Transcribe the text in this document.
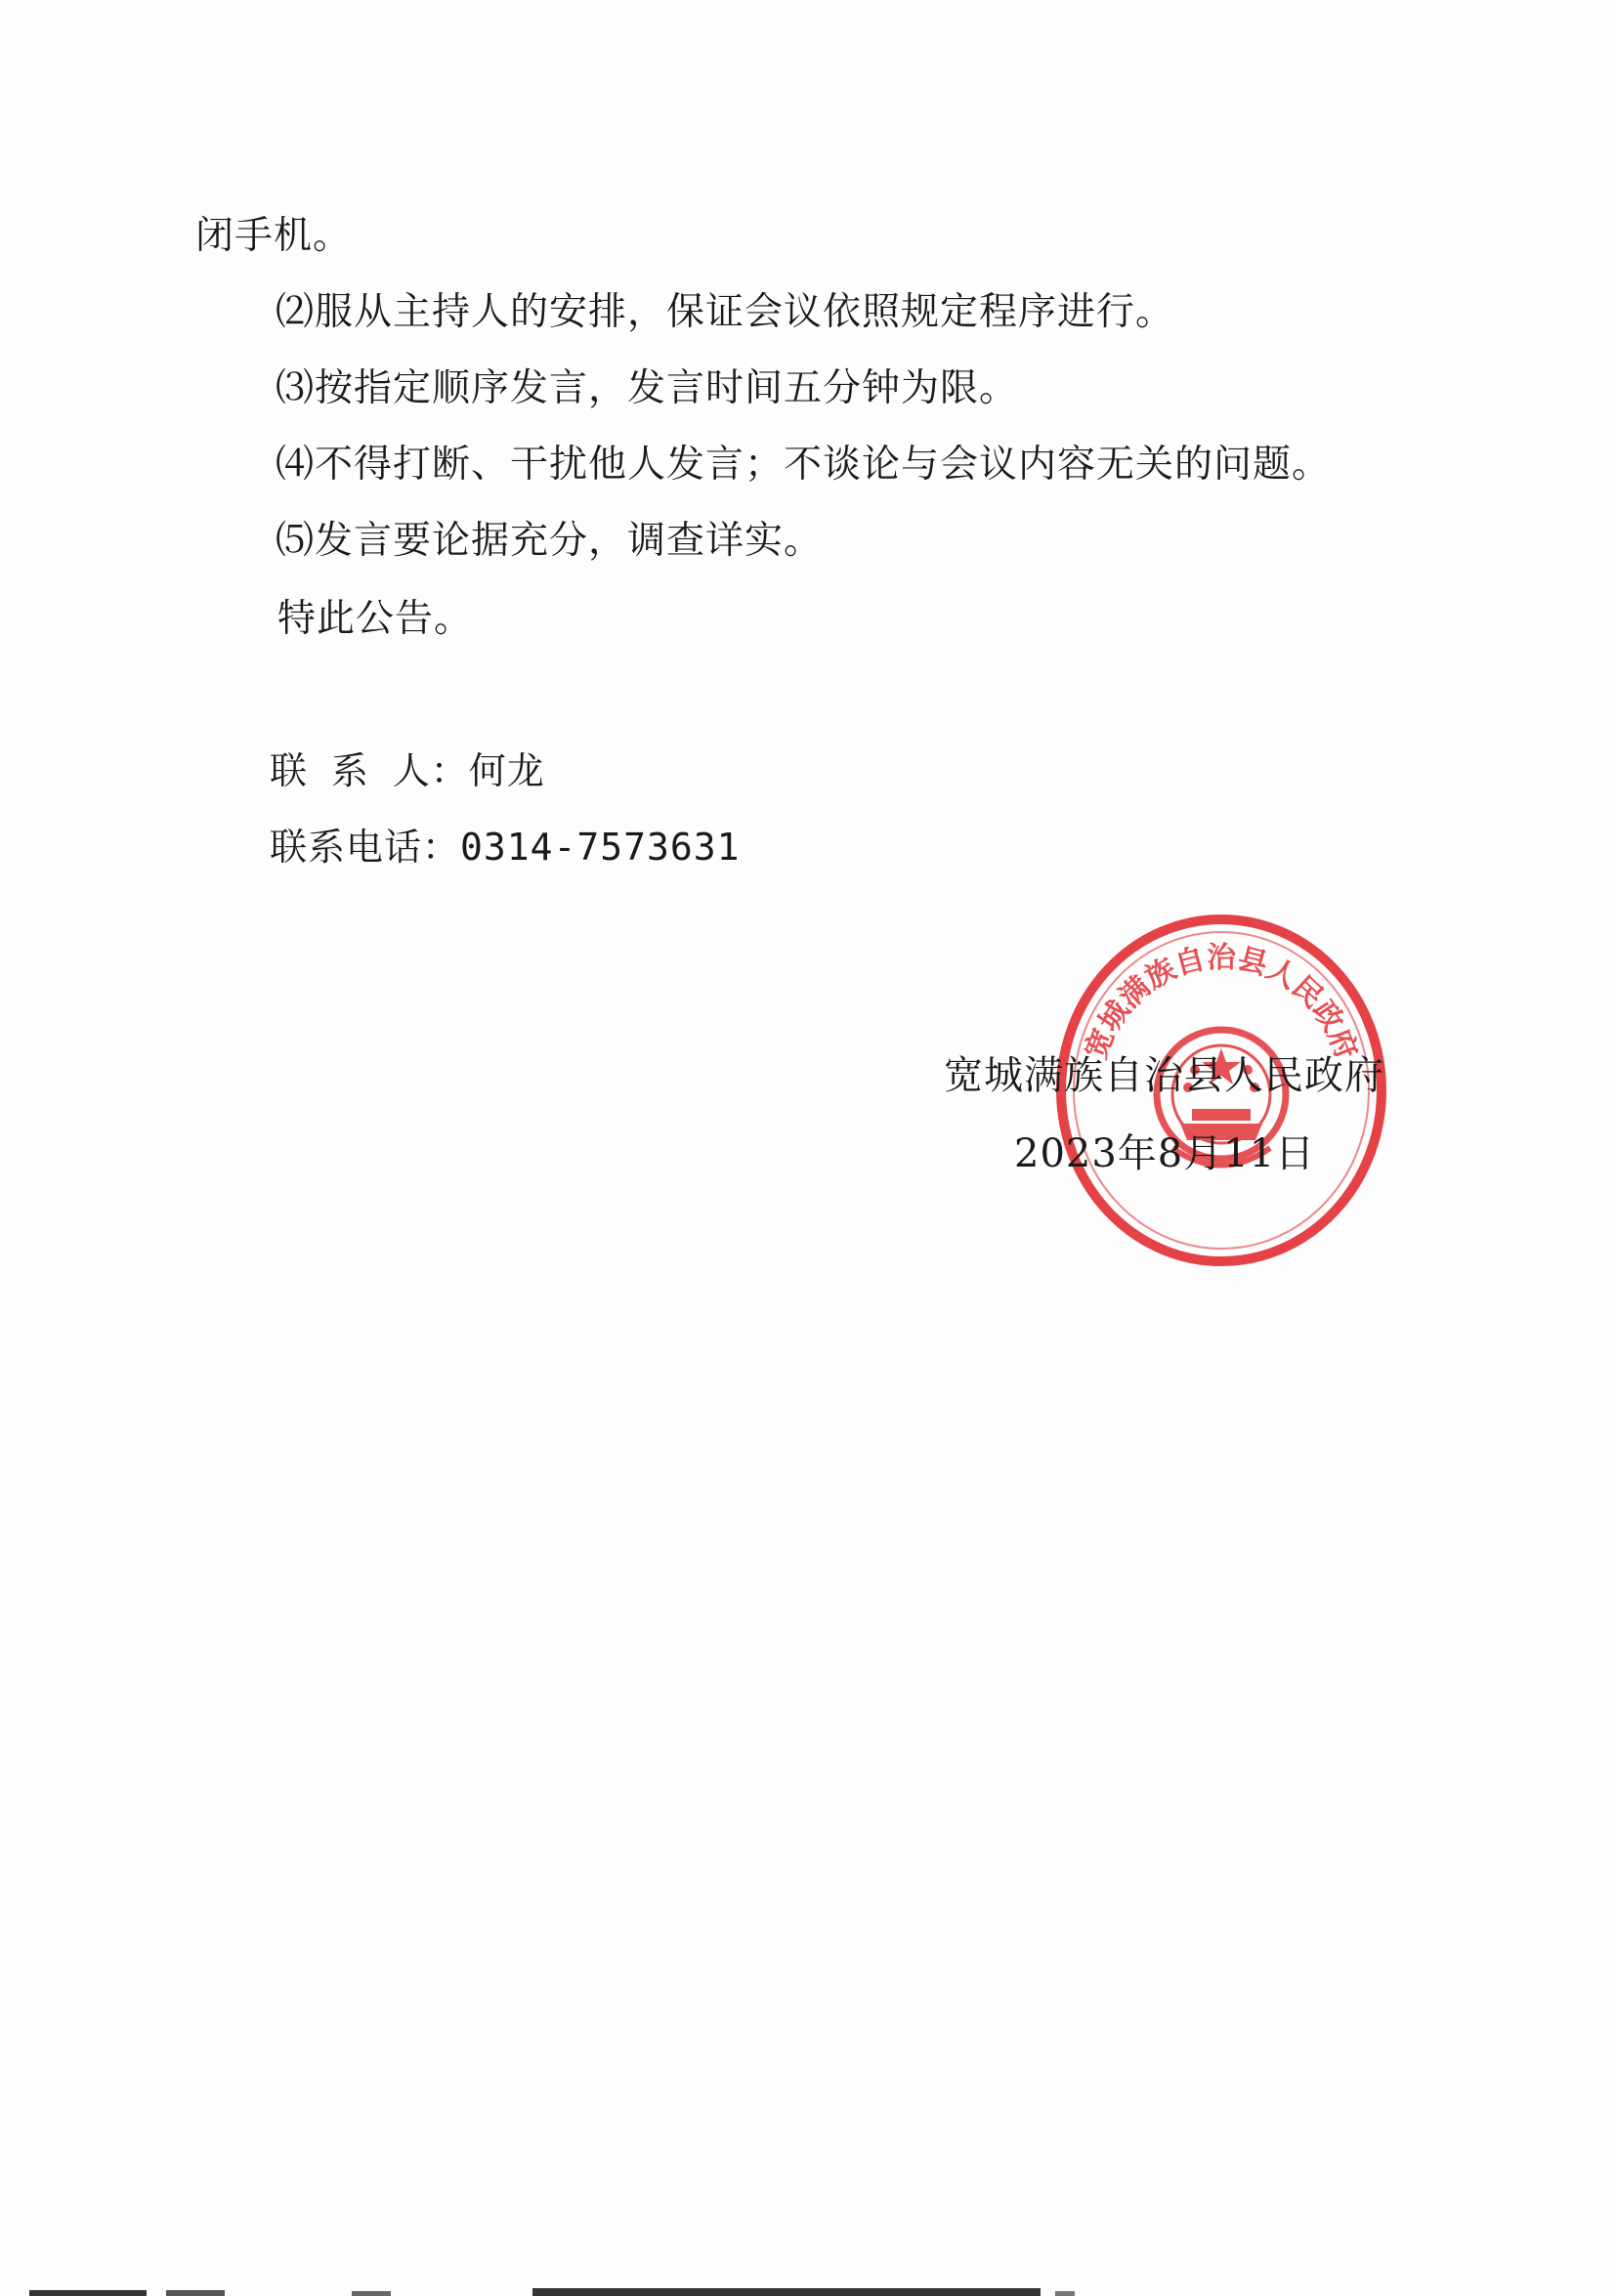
闭手机。
⑵服从主持人的安排，保证会议依照规定程序进行。
⑶按指定顺序发言，发言时间五分钟为限。
⑷不得打断、干扰他人发言；不谈论与会议内容无关的问题。
⑸发言要论据充分，调查详实。
特此公告。
联 系 人：何龙
联系电话：0314-7573631
宽城满族自治县人民政府
宽城满族自治县人民政府
2023年8月11日
